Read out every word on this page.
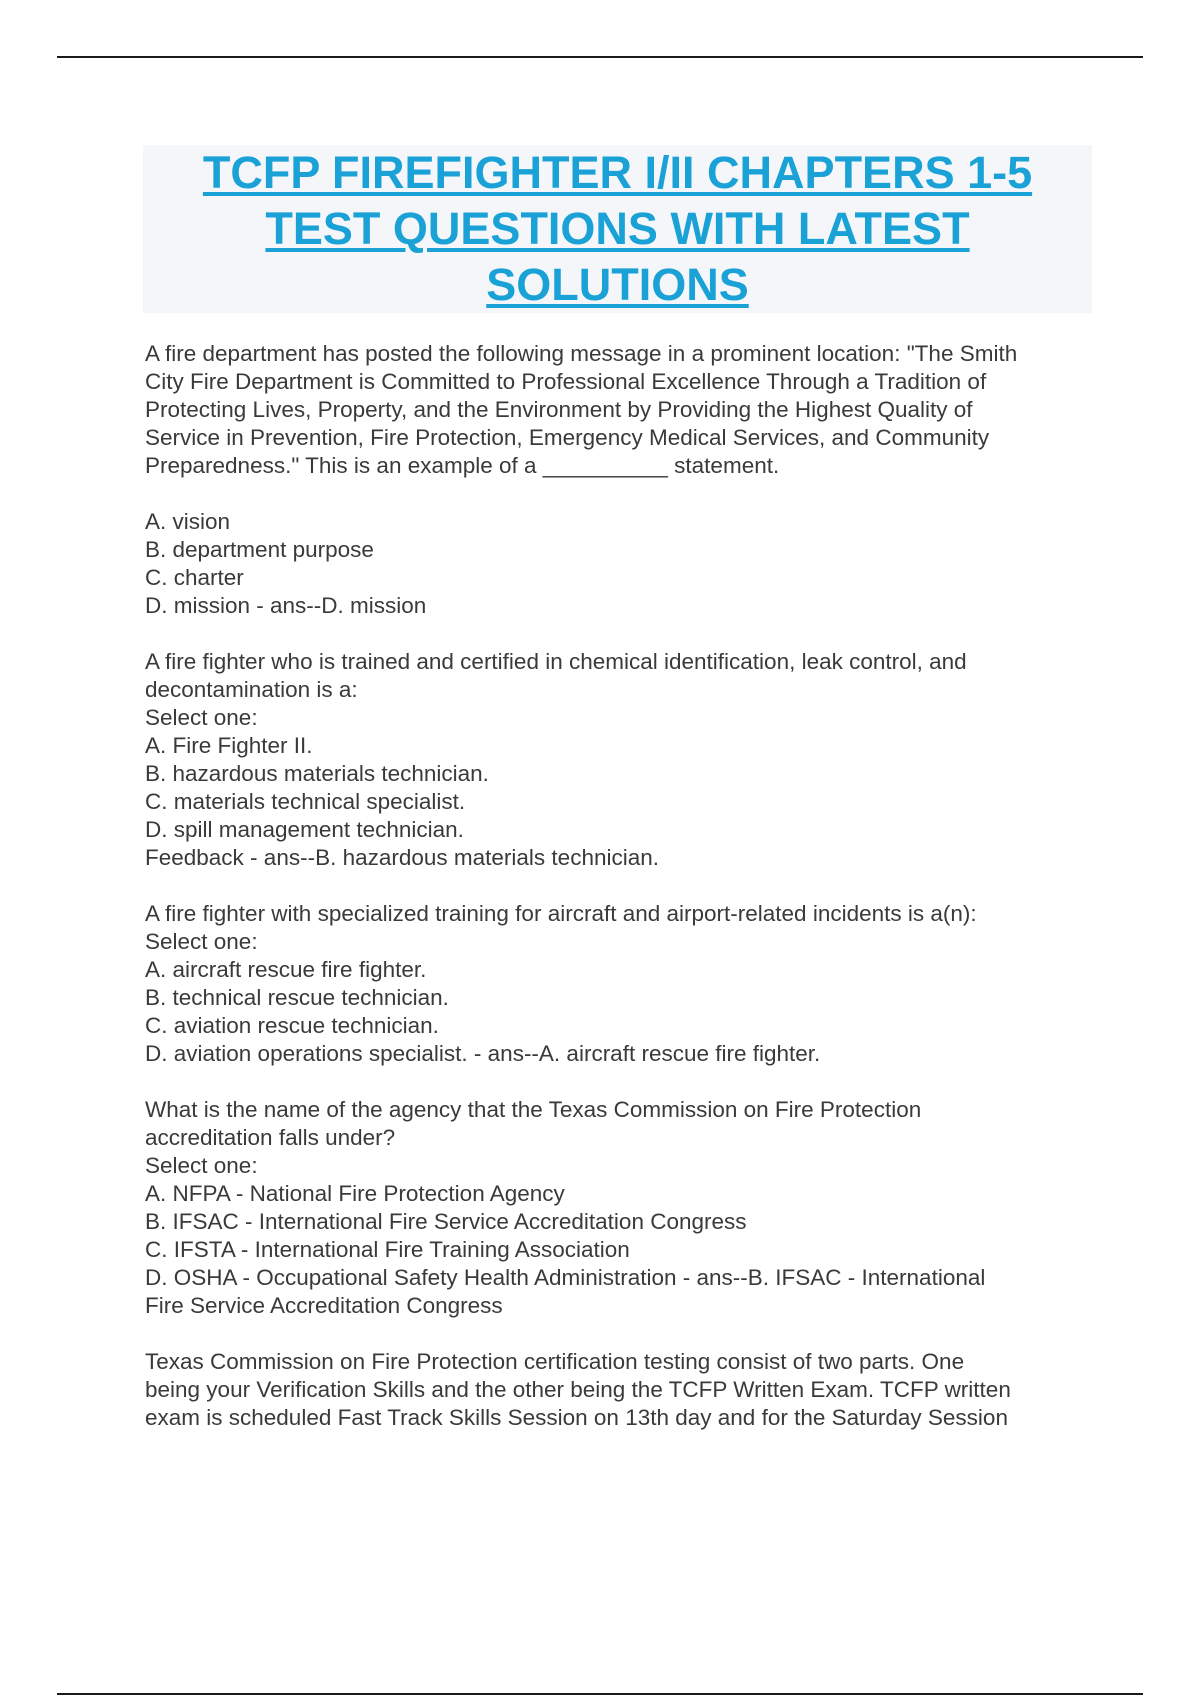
TCFP FIREFIGHTER I/II CHAPTERS 1-5
TEST QUESTIONS WITH LATEST
SOLUTIONS
A fire department has posted the following message in a prominent location: "The Smith
City Fire Department is Committed to Professional Excellence Through a Tradition of
Protecting Lives, Property, and the Environment by Providing the Highest Quality of
Service in Prevention, Fire Protection, Emergency Medical Services, and Community
Preparedness." This is an example of a __________ statement.

A. vision
B. department purpose
C. charter
D. mission - ans--D. mission
A fire fighter who is trained and certified in chemical identification, leak control, and
decontamination is a:
Select one:
A. Fire Fighter II.
B. hazardous materials technician.
C. materials technical specialist.
D. spill management technician.
Feedback - ans--B. hazardous materials technician.
A fire fighter with specialized training for aircraft and airport-related incidents is a(n):
Select one:
A. aircraft rescue fire fighter.
B. technical rescue technician.
C. aviation rescue technician.
D. aviation operations specialist. - ans--A. aircraft rescue fire fighter.
What is the name of the agency that the Texas Commission on Fire Protection
accreditation falls under?
Select one:
A. NFPA - National Fire Protection Agency
B. IFSAC - International Fire Service Accreditation Congress
C. IFSTA - International Fire Training Association
D. OSHA - Occupational Safety Health Administration - ans--B. IFSAC - International
Fire Service Accreditation Congress
Texas Commission on Fire Protection certification testing consist of two parts. One
being your Verification Skills and the other being the TCFP Written Exam. TCFP written
exam is scheduled Fast Track Skills Session on 13th day and for the Saturday Session
